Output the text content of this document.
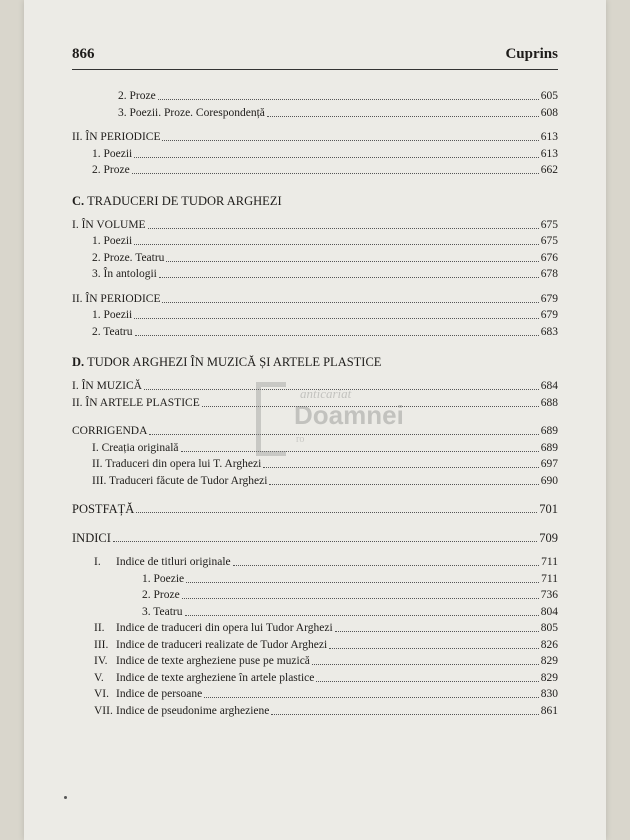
866	Cuprins
2. Proze	605
3. Poezii. Proze. Corespondență	608
II. ÎN PERIODICE	613
1. Poezii	613
2. Proze	662
C. TRADUCERI DE TUDOR ARGHEZI
I. ÎN VOLUME	675
1. Poezii	675
2. Proze. Teatru	676
3. În antologii	678
II. ÎN PERIODICE	679
1. Poezii	679
2. Teatru	683
D. TUDOR ARGHEZI ÎN MUZICĂ ȘI ARTELE PLASTICE
I. ÎN MUZICĂ	684
II. ÎN ARTELE PLASTICE	688
CORRIGENDA	689
I. Creația originală	689
II. Traduceri din opera lui T. Arghezi	697
III. Traduceri făcute de Tudor Arghezi	690
POSTFAȚĂ	701
INDICI	709
I. Indice de titluri originale	711
1. Poezie	711
2. Proze	736
3. Teatru	804
II. Indice de traduceri din opera lui Tudor Arghezi	805
III. Indice de traduceri realizate de Tudor Arghezi	826
IV. Indice de texte argheziene puse pe muzică	829
V. Indice de texte argheziene în artele plastice	829
VI. Indice de persoane	830
VII. Indice de pseudonime argheziene	861
anticariat
Doamnei
ro
